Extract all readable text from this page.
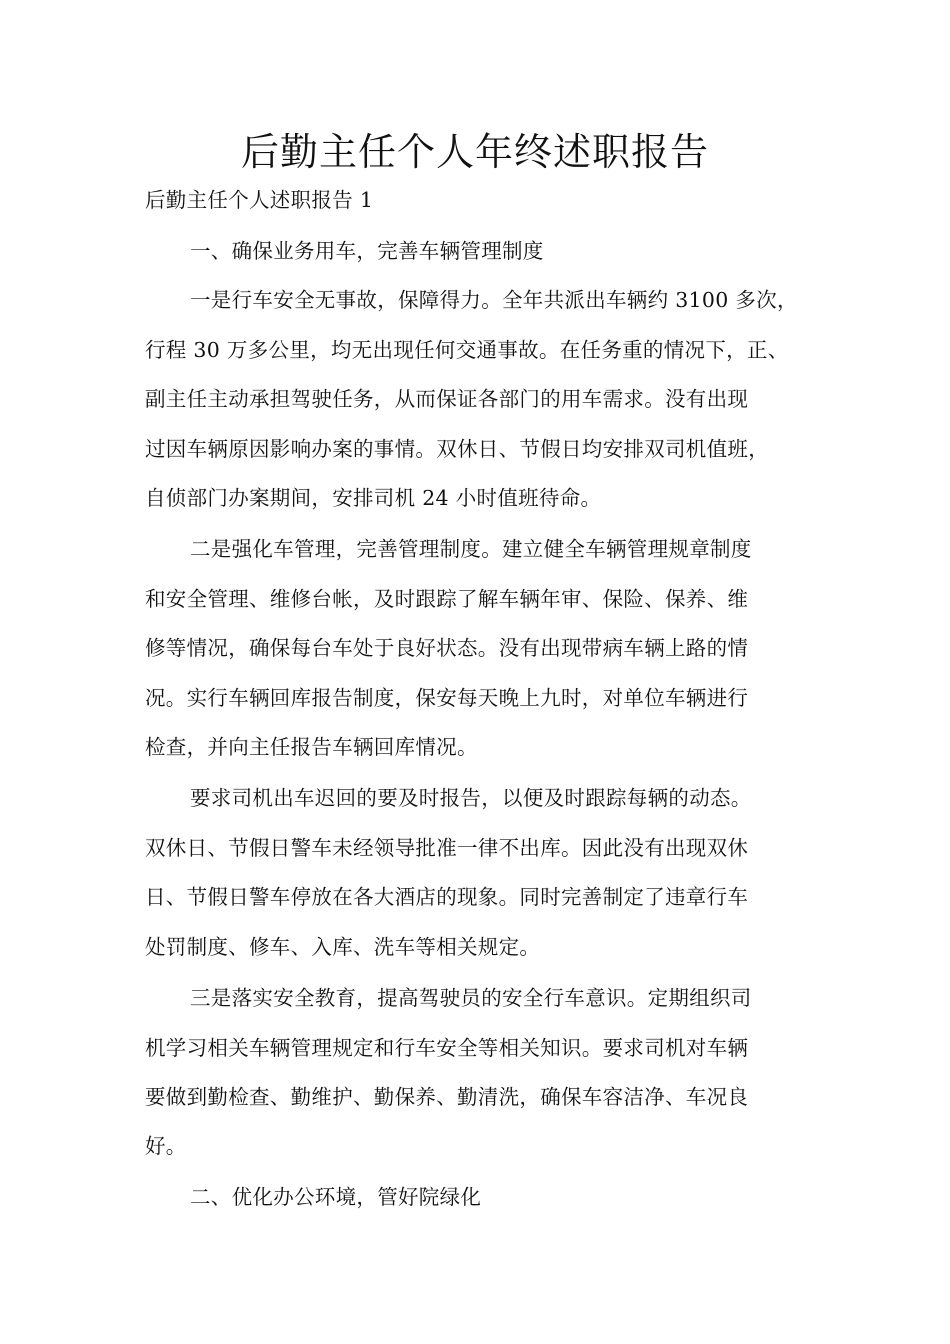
后勤主任个人年终述职报告
后勤主任个人述职报告 1
一、确保业务用车，完善车辆管理制度
一是行车安全无事故，保障得力。全年共派出车辆约 3100 多次，
行程 30 万多公里，均无出现任何交通事故。在任务重的情况下，正、
副主任主动承担驾驶任务，从而保证各部门的用车需求。没有出现
过因车辆原因影响办案的事情。双休日、节假日均安排双司机值班，
自侦部门办案期间，安排司机 24 小时值班待命。
二是强化车管理，完善管理制度。建立健全车辆管理规章制度
和安全管理、维修台帐，及时跟踪了解车辆年审、保险、保养、维
修等情况，确保每台车处于良好状态。没有出现带病车辆上路的情
况。实行车辆回库报告制度，保安每天晚上九时，对单位车辆进行
检查，并向主任报告车辆回库情况。
要求司机出车迟回的要及时报告，以便及时跟踪每辆的动态。
双休日、节假日警车未经领导批准一律不出库。因此没有出现双休
日、节假日警车停放在各大酒店的现象。同时完善制定了违章行车
处罚制度、修车、入库、洗车等相关规定。
三是落实安全教育，提高驾驶员的安全行车意识。定期组织司
机学习相关车辆管理规定和行车安全等相关知识。要求司机对车辆
要做到勤检查、勤维护、勤保养、勤清洗，确保车容洁净、车况良
好。
二、优化办公环境，管好院绿化
